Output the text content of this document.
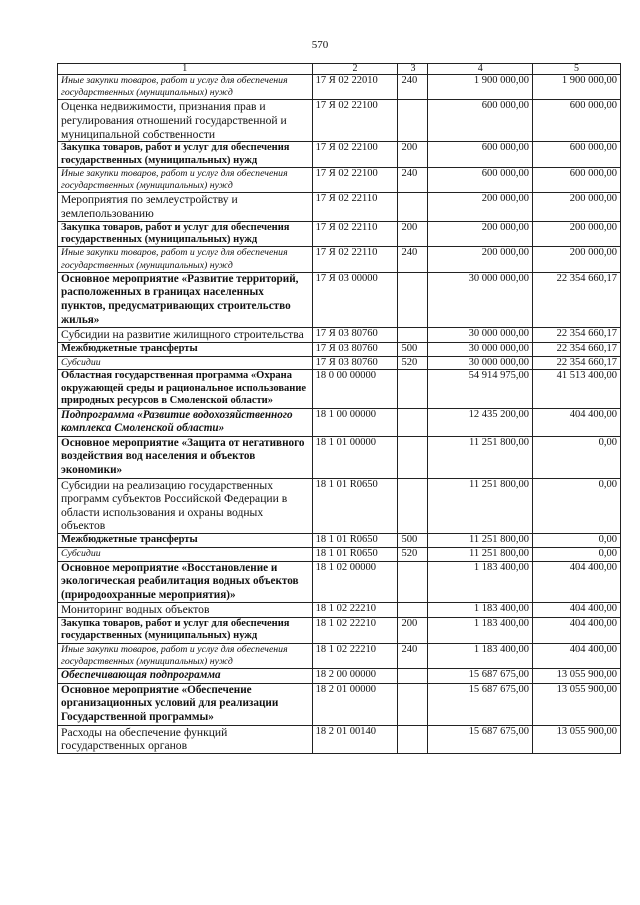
570
1	2	3	4	5
Иные закупки товаров, работ и услуг для обеспечения государственных (муниципальных) нужд	17 Я 02 22010	240	1 900 000,00	1 900 000,00
Оценка недвижимости, признания прав и регулирования отношений государственной и муниципальной собственности	17 Я 02 22100		600 000,00	600 000,00
Закупка товаров, работ и услуг для обеспечения государственных (муниципальных) нужд	17 Я 02 22100	200	600 000,00	600 000,00
Иные закупки товаров, работ и услуг для обеспечения государственных (муниципальных) нужд	17 Я 02 22100	240	600 000,00	600 000,00
Мероприятия по землеустройству и землепользованию	17 Я 02 22110		200 000,00	200 000,00
Закупка товаров, работ и услуг для обеспечения государственных (муниципальных) нужд	17 Я 02 22110	200	200 000,00	200 000,00
Иные закупки товаров, работ и услуг для обеспечения государственных (муниципальных) нужд	17 Я 02 22110	240	200 000,00	200 000,00
Основное мероприятие «Развитие территорий, расположенных в границах населенных пунктов, предусматривающих строительство жилья»	17 Я 03 00000		30 000 000,00	22 354 660,17
Субсидии на развитие жилищного строительства	17 Я 03 80760		30 000 000,00	22 354 660,17
Межбюджетные трансферты	17 Я 03 80760	500	30 000 000,00	22 354 660,17
Субсидии	17 Я 03 80760	520	30 000 000,00	22 354 660,17
Областная государственная программа «Охрана окружающей среды и рациональное использование природных ресурсов в Смоленской области»	18 0 00 00000		54 914 975,00	41 513 400,00
Подпрограмма «Развитие водохозяйственного комплекса Смоленской области»	18 1 00 00000		12 435 200,00	404 400,00
Основное мероприятие «Защита от негативного воздействия вод населения и объектов экономики»	18 1 01 00000		11 251 800,00	0,00
Субсидии на реализацию государственных программ субъектов Российской Федерации в области использования и охраны водных объектов	18 1 01 R0650		11 251 800,00	0,00
Межбюджетные трансферты	18 1 01 R0650	500	11 251 800,00	0,00
Субсидии	18 1 01 R0650	520	11 251 800,00	0,00
Основное мероприятие «Восстановление и экологическая реабилитация водных объектов (природоохранные мероприятия)»	18 1 02 00000		1 183 400,00	404 400,00
Мониторинг водных объектов	18 1 02 22210		1 183 400,00	404 400,00
Закупка товаров, работ и услуг для обеспечения государственных (муниципальных) нужд	18 1 02 22210	200	1 183 400,00	404 400,00
Иные закупки товаров, работ и услуг для обеспечения государственных (муниципальных) нужд	18 1 02 22210	240	1 183 400,00	404 400,00
Обеспечивающая подпрограмма	18 2 00 00000		15 687 675,00	13 055 900,00
Основное мероприятие «Обеспечение организационных условий для реализации Государственной программы»	18 2 01 00000		15 687 675,00	13 055 900,00
Расходы на обеспечение функций государственных органов	18 2 01 00140		15 687 675,00	13 055 900,00
